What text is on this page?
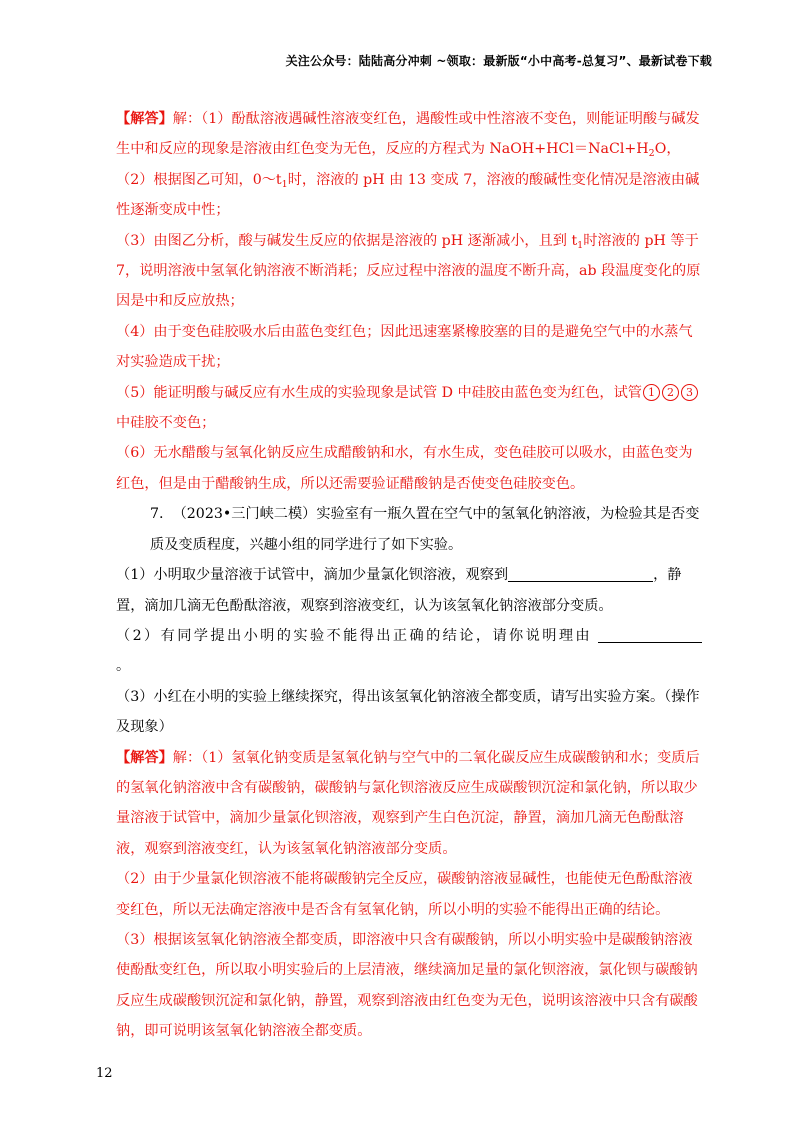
关注公众号：陆陆高分冲刺 ~领取：最新版“小中高考-总复习”、最新试卷下载

【解答】解：（1）酚酞溶液遇碱性溶液变红色，遇酸性或中性溶液不变色，则能证明酸与碱发生中和反应的现象是溶液由红色变为无色，反应的方程式为 $NaOH+HCl=NaCl+H_2O$，

（2）根据图乙可知，$0\sim t_1$时，溶液的 pH 由 13 变成 7，溶液的酸碱性变化情况是溶液由碱性逐渐变成中性；

（3）由图乙分析，酸与碱发生反应的依据是溶液的 pH 逐渐减小，且到 $t_1$时溶液的 pH 等于 7，说明溶液中氢氧化钠溶液不断消耗；反应过程中溶液的温度不断升高，ab 段温度变化的原因是中和反应放热；

（4）由于变色硅胶吸水后由蓝色变红色；因此迅速塞紧橡胶塞的目的是避免空气中的水蒸气对实验造成干扰；

（5）能证明酸与碱反应有水生成的实验现象是试管 D 中硅胶由蓝色变为红色，试管 1 2 3中硅胶不变色；

（6）无水醋酸与氢氧化钠反应生成醋酸钠和水，有水生成，变色硅胶可以吸水，由蓝色变为红色，但是由于醋酸钠生成，所以还需要验证醋酸钠是否使变色硅胶变色。

7. （2023•三门峡二模）实验室有一瓶久置在空气中的氢氧化钠溶液，为检验其是否变质及变质程度，兴趣小组的同学进行了如下实验。

（1）小明取少量溶液于试管中，滴加少量氯化钡溶液，观察到	，静置，滴加几滴无色酚酞溶液，观察到溶液变红，认为该氢氧化钠溶液部分变质。

（2）有同学提出小明的实验不能得出正确的结论，请你说明理由

。

（3）小红在小明的实验上继续探究，得出该氢氧化钠溶液全都变质，请写出实验方案。（操作及现象）

【解答】解：（1）氢氧化钠变质是氢氧化钠与空气中的二氧化碳反应生成碳酸钠和水；变质后的氢氧化钠溶液中含有碳酸钠，碳酸钠与氯化钡溶液反应生成碳酸钡沉淀和氯化钠，所以取少量溶液于试管中，滴加少量氯化钡溶液，观察到产生白色沉淀，静置，滴加几滴无色酚酞溶液，观察到溶液变红，认为该氢氧化钠溶液部分变质。

（2）由于少量氯化钡溶液不能将碳酸钠完全反应，碳酸钠溶液显碱性，也能使无色酚酞溶液变红色，所以无法确定溶液中是否含有氢氧化钠，所以小明的实验不能得出正确的结论。

（3）根据该氢氧化钠溶液全都变质，即溶液中只含有碳酸钠，所以小明实验中是碳酸钠溶液使酚酞变红色，所以取小明实验后的上层清液，继续滴加足量的氯化钡溶液，氯化钡与碳酸钠反应生成碳酸钡沉淀和氯化钠，静置，观察到溶液由红色变为无色，说明该溶液中只含有碳酸钠，即可说明该氢氧化钠溶液全都变质。

12
